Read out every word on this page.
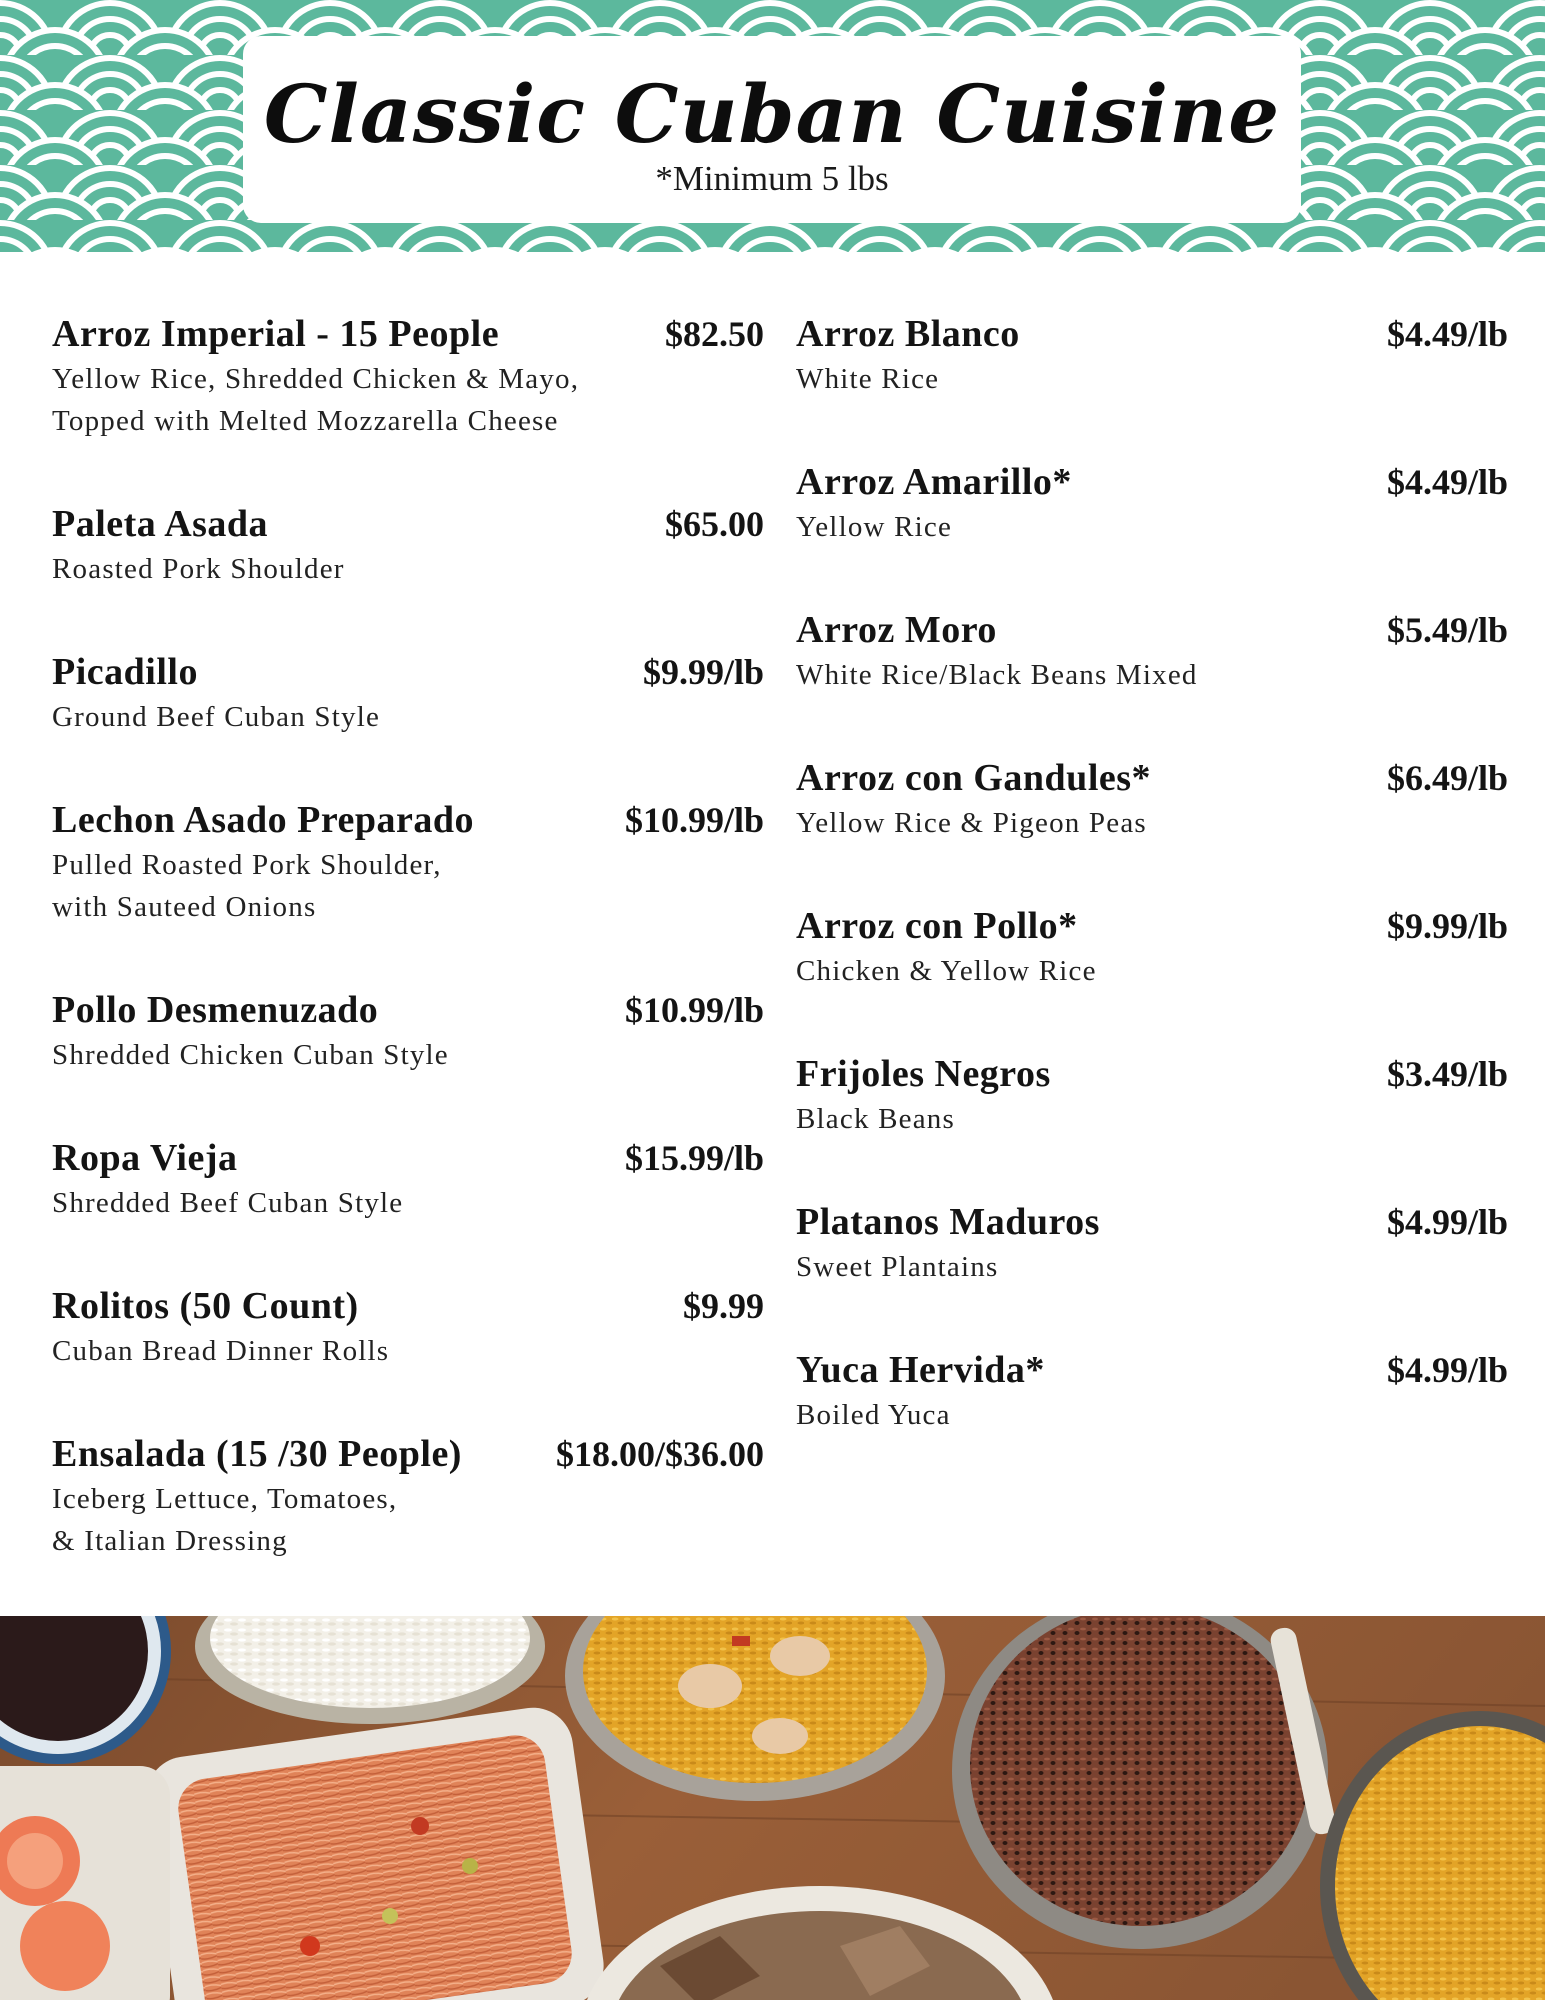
Classic Cuban Cuisine
*Minimum 5 lbs
Arroz Imperial - 15 People	$82.50
Yellow Rice, Shredded Chicken & Mayo,
Topped with Melted Mozzarella Cheese
Paleta Asada	$65.00
Roasted Pork Shoulder
Picadillo	$9.99/lb
Ground Beef Cuban Style
Lechon Asado Preparado	$10.99/lb
Pulled Roasted Pork Shoulder,
with Sauteed Onions
Pollo Desmenuzado	$10.99/lb
Shredded Chicken Cuban Style
Ropa Vieja	$15.99/lb
Shredded Beef Cuban Style
Rolitos (50 Count)	$9.99
Cuban Bread Dinner Rolls
Ensalada (15 /30 People)	$18.00/$36.00
Iceberg Lettuce, Tomatoes,
& Italian Dressing
Arroz Blanco	$4.49/lb
White Rice
Arroz Amarillo*	$4.49/lb
Yellow Rice
Arroz Moro	$5.49/lb
White Rice/Black Beans Mixed
Arroz con Gandules*	$6.49/lb
Yellow Rice & Pigeon Peas
Arroz con Pollo*	$9.99/lb
Chicken & Yellow Rice
Frijoles Negros	$3.49/lb
Black Beans
Platanos Maduros	$4.99/lb
Sweet Plantains
Yuca Hervida*	$4.99/lb
Boiled Yuca
